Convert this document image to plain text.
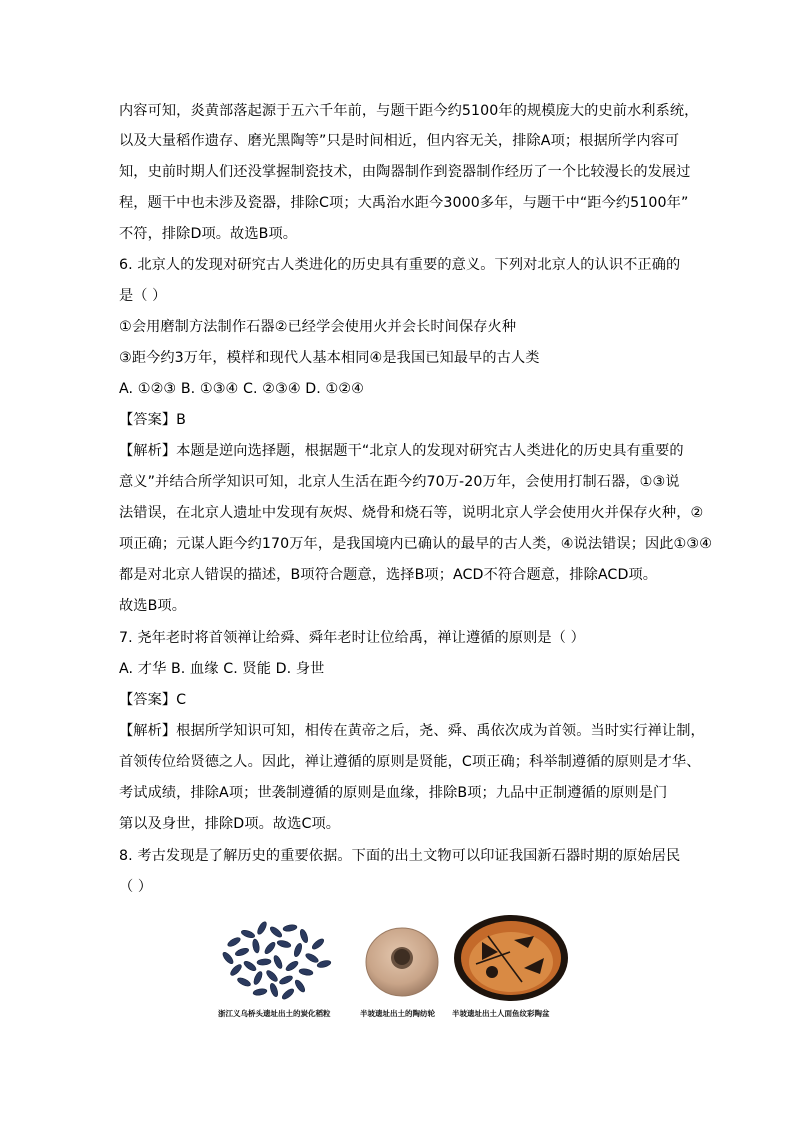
内容可知，炎黄部落起源于五六千年前，与题干距今约5100年的规模庞大的史前水利系统，
以及大量稻作遗存、磨光黑陶等”只是时间相近，但内容无关，排除A项；根据所学内容可
知，史前时期人们还没掌握制瓷技术，由陶器制作到瓷器制作经历了一个比较漫长的发展过
程，题干中也未涉及瓷器，排除C项；大禹治水距今3000多年，与题干中“距今约5100年”
不符，排除D项。故选B项。
6. 北京人的发现对研究古人类进化的历史具有重要的意义。下列对北京人的认识不正确的
是（ ）
①会用磨制方法制作石器②已经学会使用火并会长时间保存火种
③距今约3万年，模样和现代人基本相同④是我国已知最早的古人类
A. ①②③ B. ①③④ C. ②③④ D. ①②④
【答案】B
【解析】本题是逆向选择题，根据题干“北京人的发现对研究古人类进化的历史具有重要的
意义”并结合所学知识可知，北京人生活在距今约70万-20万年，会使用打制石器，①③说
法错误，在北京人遗址中发现有灰烬、烧骨和烧石等，说明北京人学会使用火并保存火种，②
项正确；元谋人距今约170万年，是我国境内已确认的最早的古人类，④说法错误；因此①③④
都是对北京人错误的描述，B项符合题意，选择B项；ACD不符合题意，排除ACD项。
故选B项。
7. 尧年老时将首领禅让给舜、舜年老时让位给禹，禅让遵循的原则是（ ）
A. 才华 B. 血缘 C. 贤能 D. 身世
【答案】C
【解析】根据所学知识可知，相传在黄帝之后，尧、舜、禹依次成为首领。当时实行禅让制，
首领传位给贤德之人。因此，禅让遵循的原则是贤能，C项正确；科举制遵循的原则是才华、
考试成绩，排除A项；世袭制遵循的原则是血缘，排除B项；九品中正制遵循的原则是门
第以及身世，排除D项。故选C项。
8. 考古发现是了解历史的重要依据。下面的出土文物可以印证我国新石器时期的原始居民
（ ）
浙江义乌桥头遗址出土的炭化稻粒	半坡遗址出土的陶纺轮 半坡遗址出土人面鱼纹彩陶盆
